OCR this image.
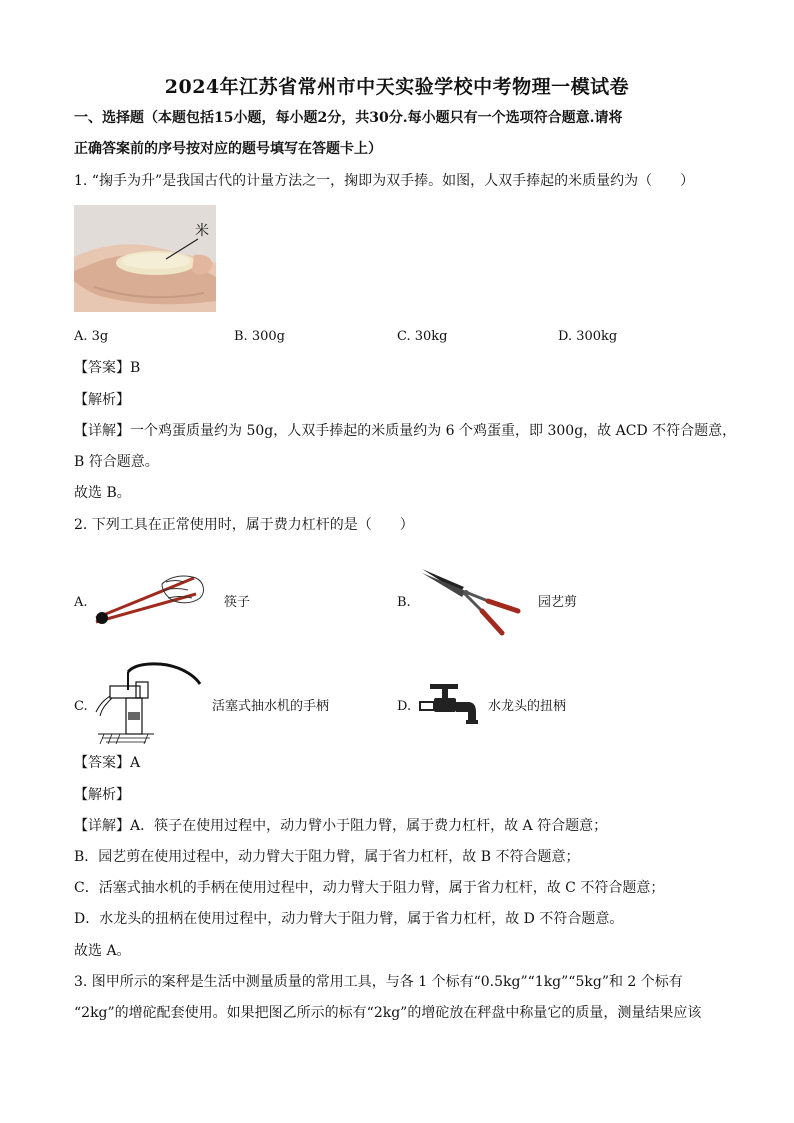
2024年江苏省常州市中天实验学校中考物理一模试卷
一、选择题（本题包括15小题，每小题2分，共30分.每小题只有一个选项符合题意.请将
正确答案前的序号按对应的题号填写在答题卡上）
1. “掬手为升”是我国古代的计量方法之一，掬即为双手捧。如图，人双手捧起的米质量约为（　　）
米
A. 3g	B. 300g	C. 30kg	D. 300kg
【答案】B
【解析】
【详解】一个鸡蛋质量约为 50g，人双手捧起的米质量约为 6 个鸡蛋重，即 300g，故 ACD 不符合题意，
B 符合题意。
故选 B。
2. 下列工具在正常使用时，属于费力杠杆的是（　　）
A.	筷子	B.	园艺剪
C.	活塞式抽水机的手柄	D.	水龙头的扭柄
【答案】A
【解析】
【详解】A．筷子在使用过程中，动力臂小于阻力臂，属于费力杠杆，故 A 符合题意；
B．园艺剪在使用过程中，动力臂大于阻力臂，属于省力杠杆，故 B 不符合题意；
C．活塞式抽水机的手柄在使用过程中，动力臂大于阻力臂，属于省力杠杆，故 C 不符合题意；
D．水龙头的扭柄在使用过程中，动力臂大于阻力臂，属于省力杠杆，故 D 不符合题意。
故选 A。
3. 图甲所示的案秤是生活中测量质量的常用工具，与各 1 个标有“0.5kg”“1kg”“5kg”和 2 个标有
“2kg”的增砣配套使用。如果把图乙所示的标有“2kg”的增砣放在秤盘中称量它的质量，测量结果应该
